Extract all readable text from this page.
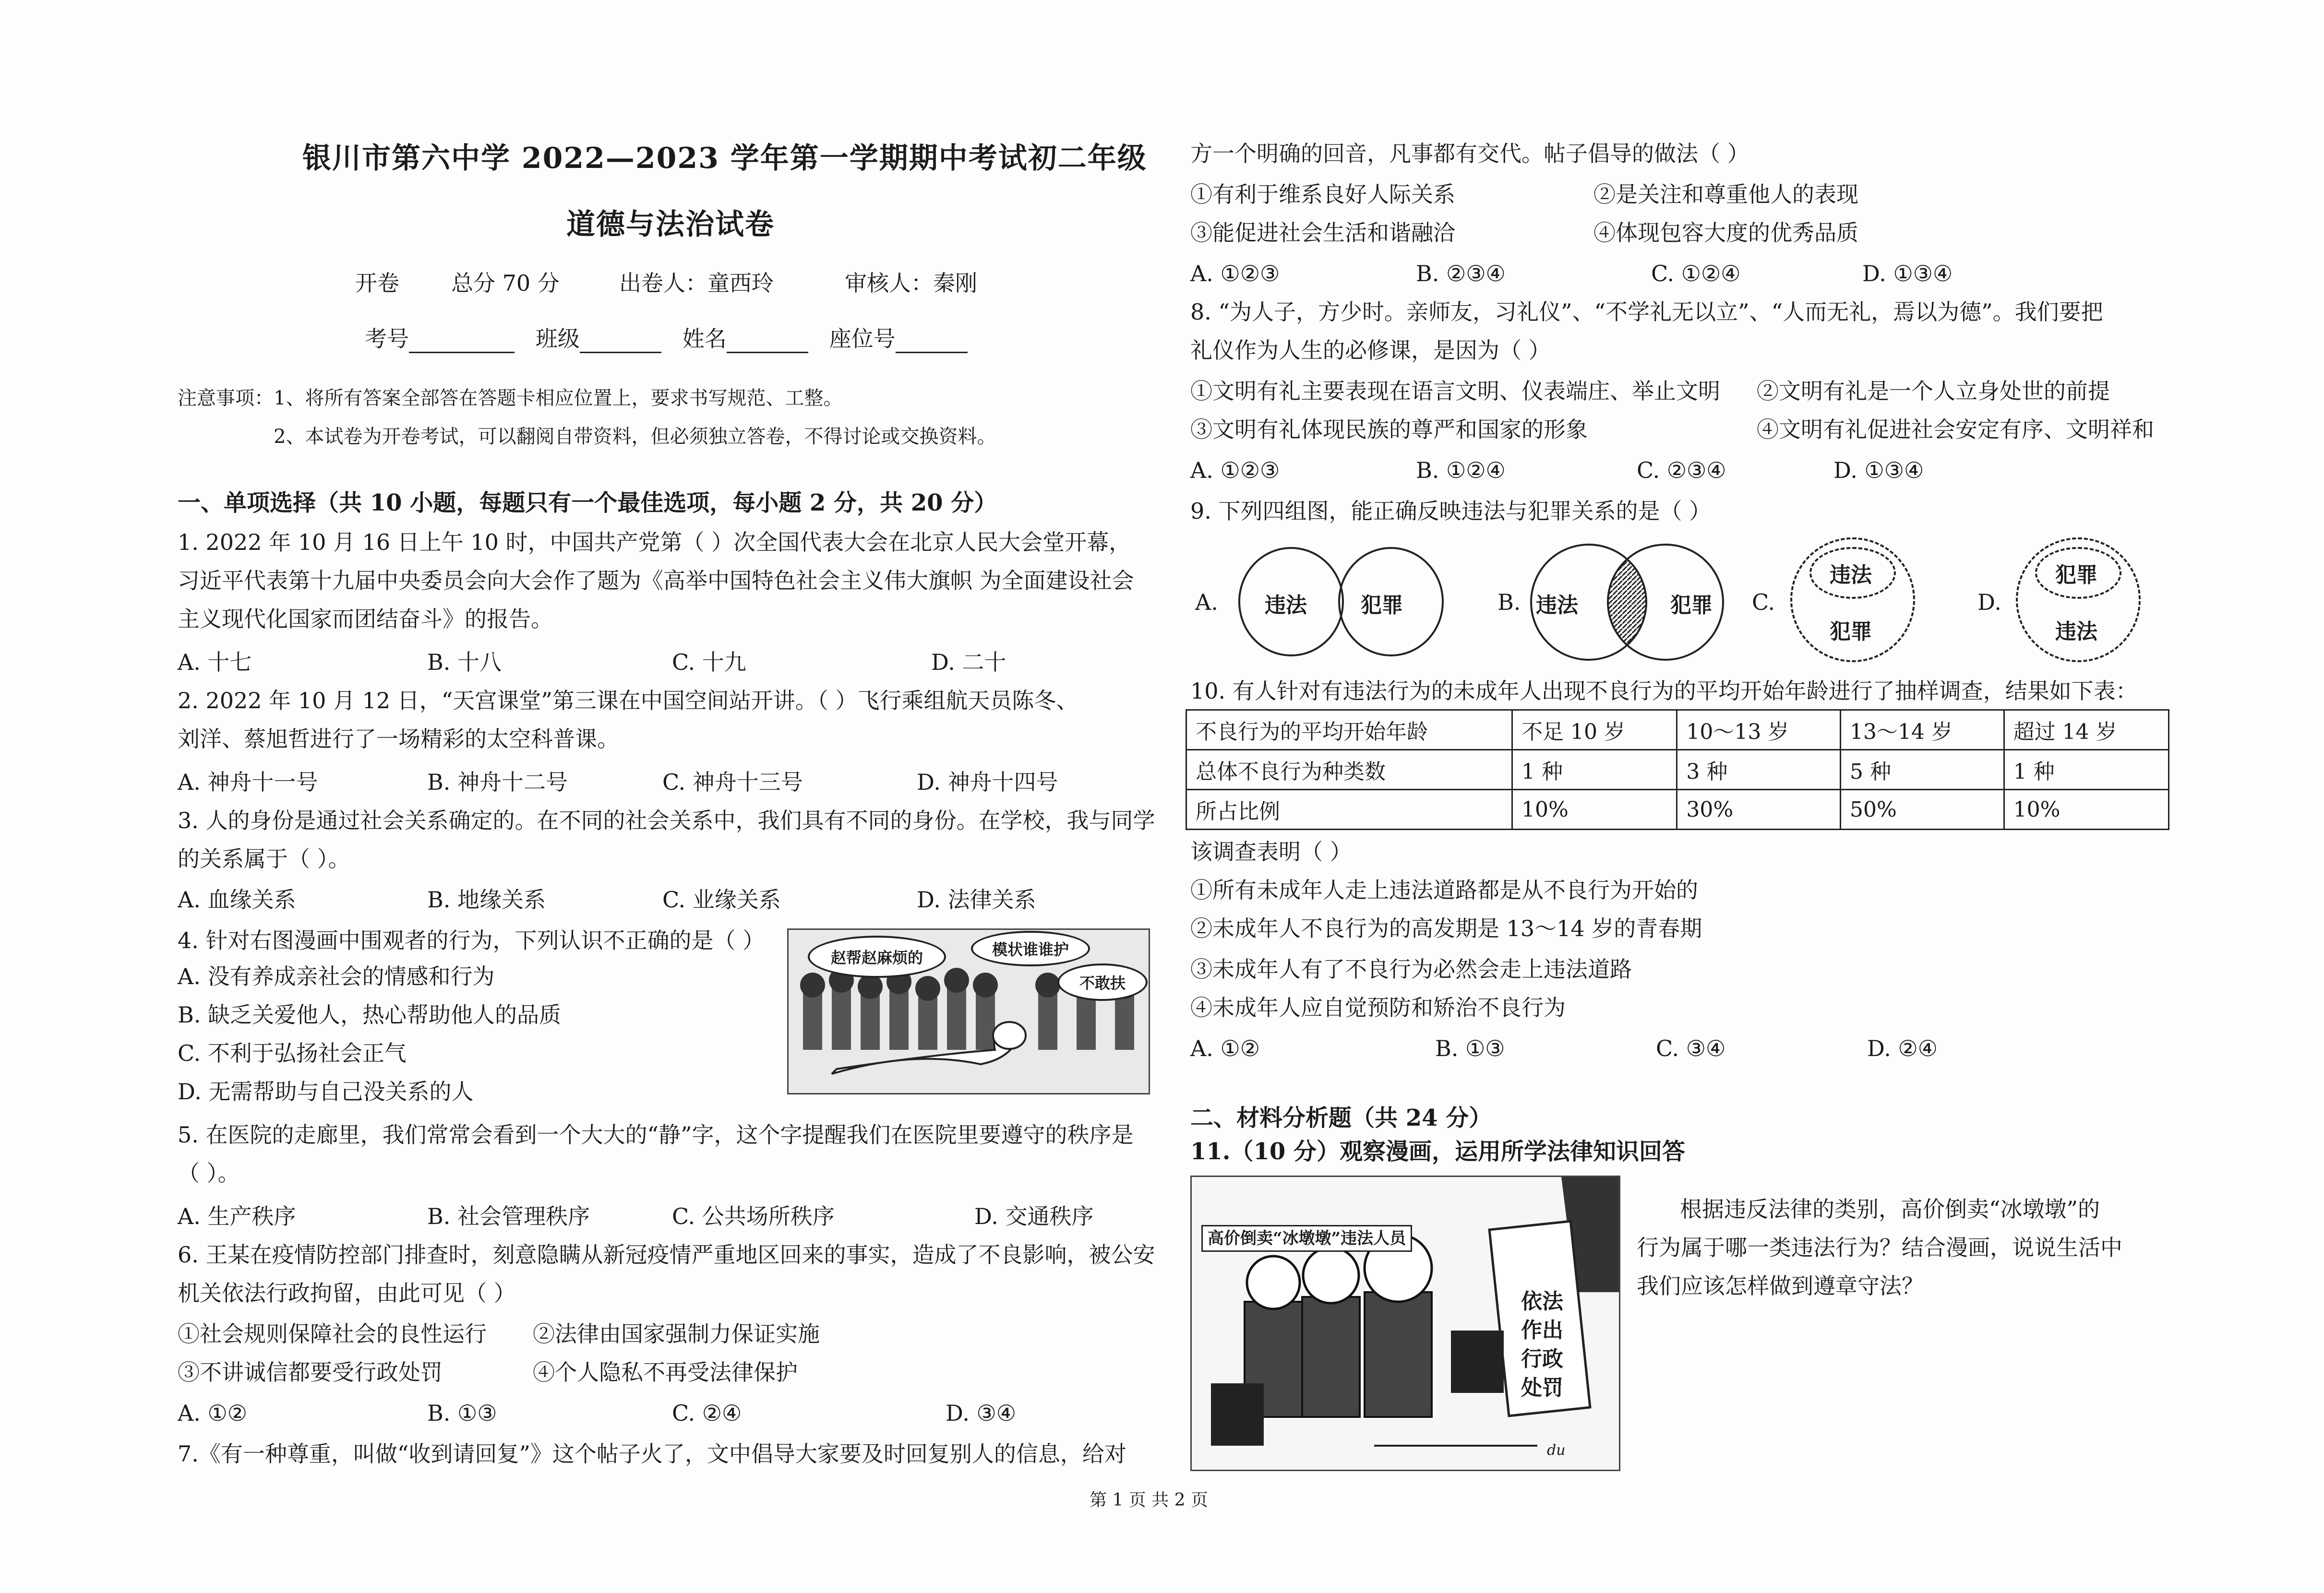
银川市第六中学 2022—2023 学年第一学期期中考试初二年级
道德与法治试卷
开卷 总分 70 分	出卷人：童西玲	审核人：秦刚
考号	班级	姓名	座位号
注意事项：1、将所有答案全部答在答题卡相应位置上，要求书写规范、工整。
2、本试卷为开卷考试，可以翻阅自带资料，但必须独立答卷，不得讨论或交换资料。
一、单项选择（共 10 小题，每题只有一个最佳选项，每小题 2 分，共 20 分）
1. 2022 年 10 月 16 日上午 10 时，中国共产党第（ ）次全国代表大会在北京人民大会堂开幕，
习近平代表第十九届中央委员会向大会作了题为《高举中国特色社会主义伟大旗帜 为全面建设社会
主义现代化国家而团结奋斗》的报告。
A. 十七	B. 十八	C. 十九	D. 二十
2. 2022 年 10 月 12 日，“天宫课堂”第三课在中国空间站开讲。（ ）飞行乘组航天员陈冬、
刘洋、蔡旭哲进行了一场精彩的太空科普课。
A. 神舟十一号	B. 神舟十二号	C. 神舟十三号	D. 神舟十四号
3. 人的身份是通过社会关系确定的。在不同的社会关系中，我们具有不同的身份。在学校，我与同学
的关系属于（ ）。
A. 血缘关系	B. 地缘关系	C. 业缘关系	D. 法律关系
4. 针对右图漫画中围观者的行为，下列认识不正确的是（ ）
A. 没有养成亲社会的情感和行为
B. 缺乏关爱他人，热心帮助他人的品质
C. 不利于弘扬社会正气
D. 无需帮助与自己没关系的人
赵帮赵麻烦的	模状谁谁护
不敢扶
5. 在医院的走廊里，我们常常会看到一个大大的“静”字，这个字提醒我们在医院里要遵守的秩序是
（ ）。
A. 生产秩序	B. 社会管理秩序	C. 公共场所秩序	D. 交通秩序
6. 王某在疫情防控部门排查时，刻意隐瞒从新冠疫情严重地区回来的事实，造成了不良影响，被公安
机关依法行政拘留，由此可见（ ）
①社会规则保障社会的良性运行 ②法律由国家强制力保证实施
③不讲诚信都要受行政处罚	④个人隐私不再受法律保护
A. ①②	B. ①③	C. ②④	D. ③④
7.《有一种尊重，叫做“收到请回复”》这个帖子火了，文中倡导大家要及时回复别人的信息，给对
方一个明确的回音，凡事都有交代。帖子倡导的做法（ ）
①有利于维系良好人际关系	②是关注和尊重他人的表现
③能促进社会生活和谐融洽	④体现包容大度的优秀品质
A. ①②③	B. ②③④	C. ①②④	D. ①③④
8. “为人子，方少时。亲师友，习礼仪”、“不学礼无以立”、“人而无礼，焉以为德”。我们要把
礼仪作为人生的必修课，是因为（ ）
①文明有礼主要表现在语言文明、仪表端庄、举止文明 ②文明有礼是一个人立身处世的前提
③文明有礼体现民族的尊严和国家的形象	④文明有礼促进社会安定有序、文明祥和
A. ①②③	B. ①②④	C. ②③④	D. ①③④
9. 下列四组图，能正确反映违法与犯罪关系的是（ ）
A. 违法	犯罪	B. 违法	犯罪 C.
违法
犯罪
D.
犯罪
违法
10. 有人针对有违法行为的未成年人出现不良行为的平均开始年龄进行了抽样调查，结果如下表：
不良行为的平均开始年龄	不足 10 岁	10～13 岁	13～14 岁	超过 14 岁
总体不良行为种类数	1 种	3 种	5 种	1 种
所占比例	10%	30%	50%	10%
该调查表明（ ）
①所有未成年人走上违法道路都是从不良行为开始的
②未成年人不良行为的高发期是 13～14 岁的青春期
③未成年人有了不良行为必然会走上违法道路
④未成年人应自觉预防和矫治不良行为
A. ①②	B. ①③	C. ③④	D. ②④
二、材料分析题（共 24 分）
11.（10 分）观察漫画，运用所学法律知识回答
高价倒卖“冰墩墩”违法人员
依法作出行政处罚
du
根据违反法律的类别，高价倒卖“冰墩墩”的
行为属于哪一类违法行为？结合漫画，说说生活中
我们应该怎样做到遵章守法？
第 1 页 共 2 页
